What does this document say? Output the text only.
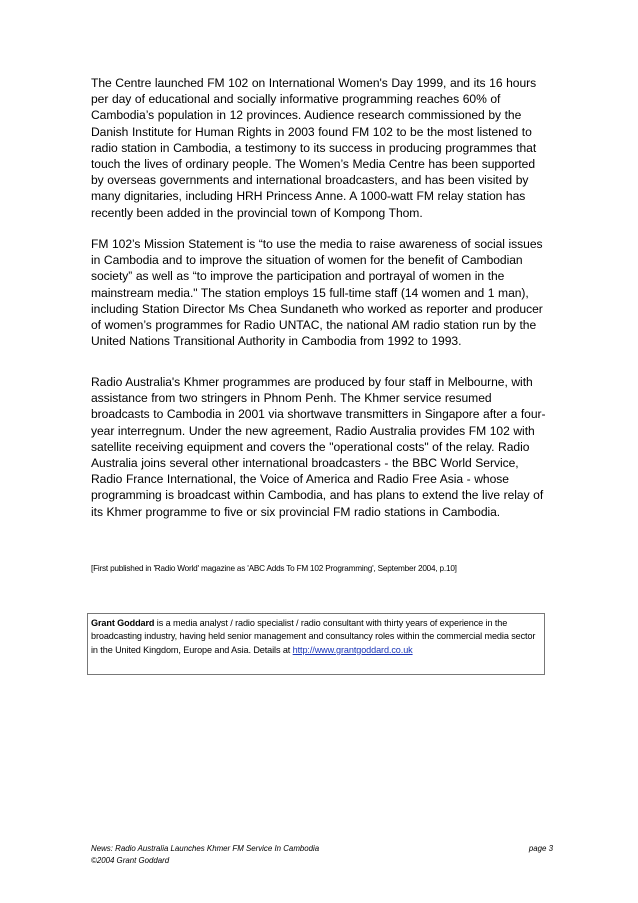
The Centre launched FM 102 on International Women's Day 1999, and its 16 hours per day of educational and socially informative programming reaches 60% of Cambodia’s population in 12 provinces. Audience research commissioned by the Danish Institute for Human Rights in 2003 found FM 102 to be the most listened to radio station in Cambodia, a testimony to its success in producing programmes that touch the lives of ordinary people. The Women’s Media Centre has been supported by overseas governments and international broadcasters, and has been visited by many dignitaries, including HRH Princess Anne. A 1000-watt FM relay station has recently been added in the provincial town of Kompong Thom.

FM 102’s Mission Statement is “to use the media to raise awareness of social issues in Cambodia and to improve the situation of women for the benefit of Cambodian society” as well as “to improve the participation and portrayal of women in the mainstream media." The station employs 15 full-time staff (14 women and 1 man), including Station Director Ms Chea Sundaneth who worked as reporter and producer of women’s programmes for Radio UNTAC, the national AM radio station run by the United Nations Transitional Authority in Cambodia from 1992 to 1993.

Radio Australia's Khmer programmes are produced by four staff in Melbourne, with assistance from two stringers in Phnom Penh. The Khmer service resumed broadcasts to Cambodia in 2001 via shortwave transmitters in Singapore after a four-year interregnum. Under the new agreement, Radio Australia provides FM 102 with satellite receiving equipment and covers the "operational costs" of the relay. Radio Australia joins several other international broadcasters - the BBC World Service, Radio France International, the Voice of America and Radio Free Asia - whose programming is broadcast within Cambodia, and has plans to extend the live relay of its Khmer programme to five or six provincial FM radio stations in Cambodia.

[First published in 'Radio World' magazine as 'ABC Adds To FM 102 Programming', September 2004, p.10]
Grant Goddard is a media analyst / radio specialist / radio consultant with thirty years of experience in the broadcasting industry, having held senior management and consultancy roles within the commercial media sector in the United Kingdom, Europe and Asia. Details at http://www.grantgoddard.co.uk
News: Radio Australia Launches Khmer FM Service In Cambodia	page 3
©2004 Grant Goddard
